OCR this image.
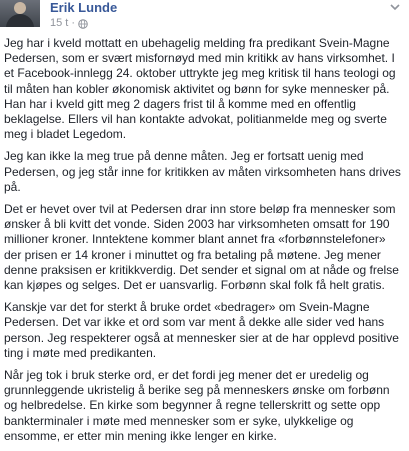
Erik Lunde
15 t ·

Jeg har i kveld mottatt en ubehagelig melding fra predikant Svein-Magne Pedersen, som er svært misfornøyd med min kritikk av hans virksomhet. I et Facebook-innlegg 24. oktober uttrykte jeg meg kritisk til hans teologi og til måten han kobler økonomisk aktivitet og bønn for syke mennesker på. Han har i kveld gitt meg 2 dagers frist til å komme med en offentlig beklagelse. Ellers vil han kontakte advokat, politianmelde meg og sverte meg i bladet Legedom.

Jeg kan ikke la meg true på denne måten. Jeg er fortsatt uenig med Pedersen, og jeg står inne for kritikken av måten virksomheten hans drives på.

Det er hevet over tvil at Pedersen drar inn store beløp fra mennesker som ønsker å bli kvitt det vonde. Siden 2003 har virksomheten omsatt for 190 millioner kroner. Inntektene kommer blant annet fra «forbønnstelefoner» der prisen er 14 kroner i minuttet og fra betaling på møtene. Jeg mener denne praksisen er kritikkverdig. Det sender et signal om at nåde og frelse kan kjøpes og selges. Det er uansvarlig. Forbønn skal folk få helt gratis.

Kanskje var det for sterkt å bruke ordet «bedrager» om Svein-Magne Pedersen. Det var ikke et ord som var ment å dekke alle sider ved hans person. Jeg respekterer også at mennesker sier at de har opplevd positive ting i møte med predikanten.

Når jeg tok i bruk sterke ord, er det fordi jeg mener det er uredelig og grunnleggende ukristelig å berike seg på menneskers ønske om forbønn og helbredelse. En kirke som begynner å regne tellerskritt og sette opp bankterminaler i møte med mennesker som er syke, ulykkelige og ensomme, er etter min mening ikke lenger en kirke.
